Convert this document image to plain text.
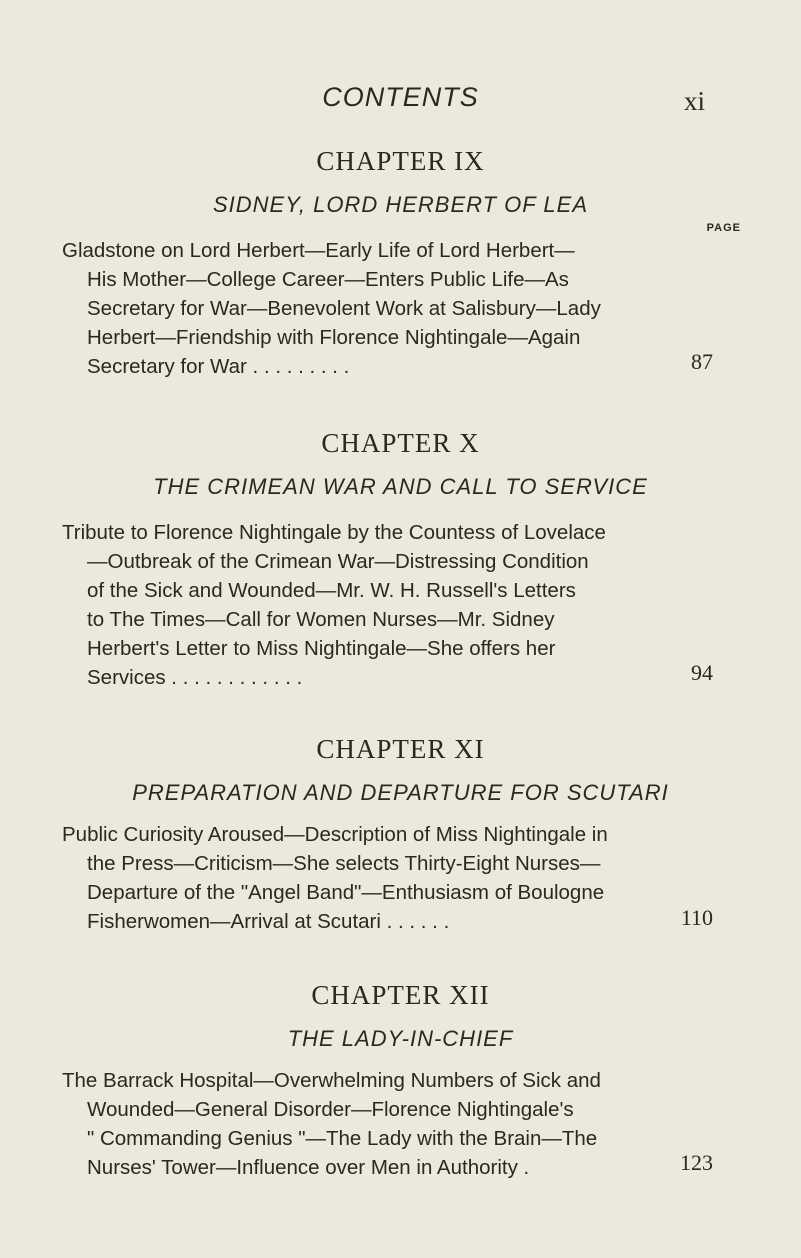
CONTENTS	xi
CHAPTER IX
SIDNEY, LORD HERBERT OF LEA
PAGE
Gladstone on Lord Herbert—Early Life of Lord Herbert—
His Mother—College Career—Enters Public Life—As
Secretary for War—Benevolent Work at Salisbury—Lady
Herbert—Friendship with Florence Nightingale—Again
Secretary for War . . . . . . . . .	87
CHAPTER X
THE CRIMEAN WAR AND CALL TO SERVICE
Tribute to Florence Nightingale by the Countess of Lovelace
—Outbreak of the Crimean War—Distressing Condition
of the Sick and Wounded—Mr. W. H. Russell's Letters
to The Times—Call for Women Nurses—Mr. Sidney
Herbert's Letter to Miss Nightingale—She offers her
Services . . . . . . . . . . . .	94
CHAPTER XI
PREPARATION AND DEPARTURE FOR SCUTARI
Public Curiosity Aroused—Description of Miss Nightingale in
the Press—Criticism—She selects Thirty-Eight Nurses—
Departure of the "Angel Band"—Enthusiasm of Boulogne
Fisherwomen—Arrival at Scutari . . . . . .	110
CHAPTER XII
THE LADY-IN-CHIEF
The Barrack Hospital—Overwhelming Numbers of Sick and
Wounded—General Disorder—Florence Nightingale's
" Commanding Genius "—The Lady with the Brain—The
Nurses' Tower—Influence over Men in Authority .	123
